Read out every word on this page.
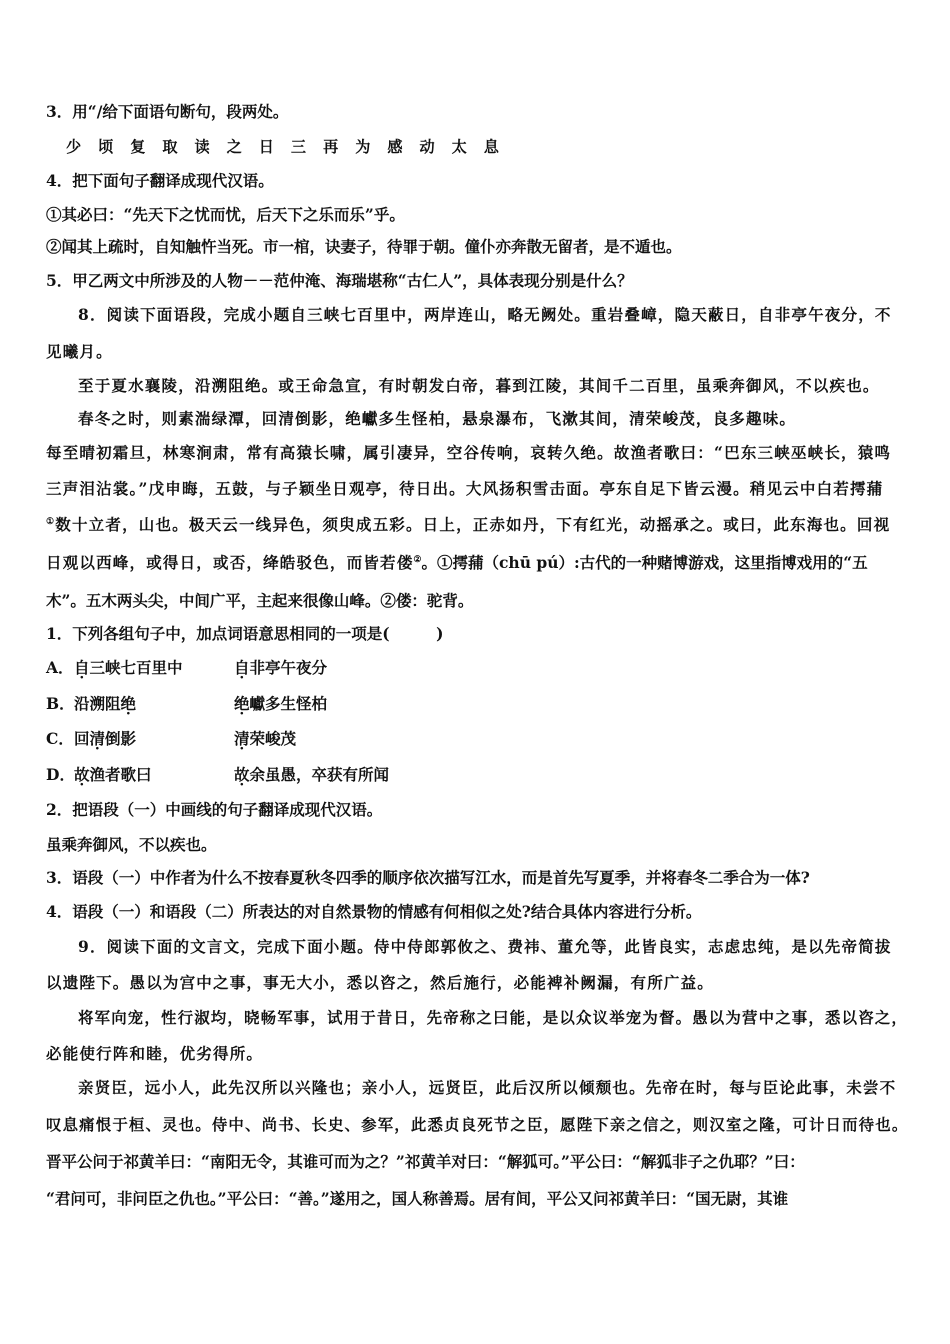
3．用“/给下面语句断句，段两处。
少 顷 复 取 读 之 日 三 再 为 感 动 太 息
4．把下面句子翻译成现代汉语。
①其必曰：“先天下之忧而忧，后天下之乐而乐”乎。
②闻其上疏时，自知触忤当死。市一棺，诀妻子，待罪于朝。僮仆亦奔散无留者，是不遁也。
5．甲乙两文中所涉及的人物－－范仲淹、海瑞堪称“古仁人”，具体表现分别是什么？
8．阅读下面语段，完成小题自三峡七百里中，两岸连山，略无阙处。重岩叠嶂，隐天蔽日，自非亭午夜分，不
见曦月。
至于夏水襄陵，沿溯阻绝。或王命急宣，有时朝发白帝，暮到江陵，其间千二百里，虽乘奔御风，不以疾也。
春冬之时，则素湍绿潭，回清倒影，绝巘多生怪柏，悬泉瀑布，飞漱其间，清荣峻茂，良多趣味。
每至晴初霜旦，林寒涧肃，常有高猿长啸，属引凄异，空谷传响，哀转久绝。故渔者歌曰：“巴东三峡巫峡长，猿鸣
三声泪沾裳。”戊申晦，五鼓，与子颖坐日观亭，待日出。大风扬积雪击面。亭东自足下皆云漫。稍见云中白若摴蒱
①数十立者，山也。极天云一线异色，须臾成五彩。日上，正赤如丹，下有红光，动摇承之。或曰，此东海也。回视
日观以西峰，或得日，或否，绛皓驳色，而皆若偻②。①摴蒱（chū pú）:古代的一种赌博游戏，这里指博戏用的“五
木”。五木两头尖，中间广平，主起来很像山峰。②偻：驼背。
1．下列各组句子中，加点词语意思相同的一项是(　　　)
A． 自三峡七百里中	自非亭午夜分
B． 沿溯阻绝	绝巘多生怪柏
C． 回清倒影	清荣峻茂
D． 故渔者歌曰	故余虽愚，卒获有所闻
2．把语段（一）中画线的句子翻译成现代汉语。
虽乘奔御风，不以疾也。
3．语段（一）中作者为什么不按春夏秋冬四季的顺序依次描写江水，而是首先写夏季，并将春冬二季合为一体?
4．语段（一）和语段（二）所表达的对自然景物的情感有何相似之处?结合具体内容进行分析。
9．阅读下面的文言文，完成下面小题。侍中侍郎郭攸之、费祎、董允等，此皆良实，志虑忠纯，是以先帝简拔
以遗陛下。愚以为宫中之事，事无大小，悉以咨之，然后施行，必能裨补阙漏，有所广益。
将军向宠，性行淑均，晓畅军事，试用于昔日，先帝称之曰能，是以众议举宠为督。愚以为营中之事，悉以咨之，
必能使行阵和睦，优劣得所。
亲贤臣，远小人，此先汉所以兴隆也；亲小人，远贤臣，此后汉所以倾颓也。先帝在时，每与臣论此事，未尝不
叹息痛恨于桓、灵也。侍中、尚书、长史、参军，此悉贞良死节之臣，愿陛下亲之信之，则汉室之隆，可计日而待也。
晋平公问于祁黄羊曰：“南阳无令，其谁可而为之？”祁黄羊对曰：“解狐可。”平公曰：“解狐非子之仇耶？”曰：
“君问可，非问臣之仇也。”平公曰：“善。”遂用之，国人称善焉。居有间，平公又问祁黄羊曰：“国无尉，其谁
